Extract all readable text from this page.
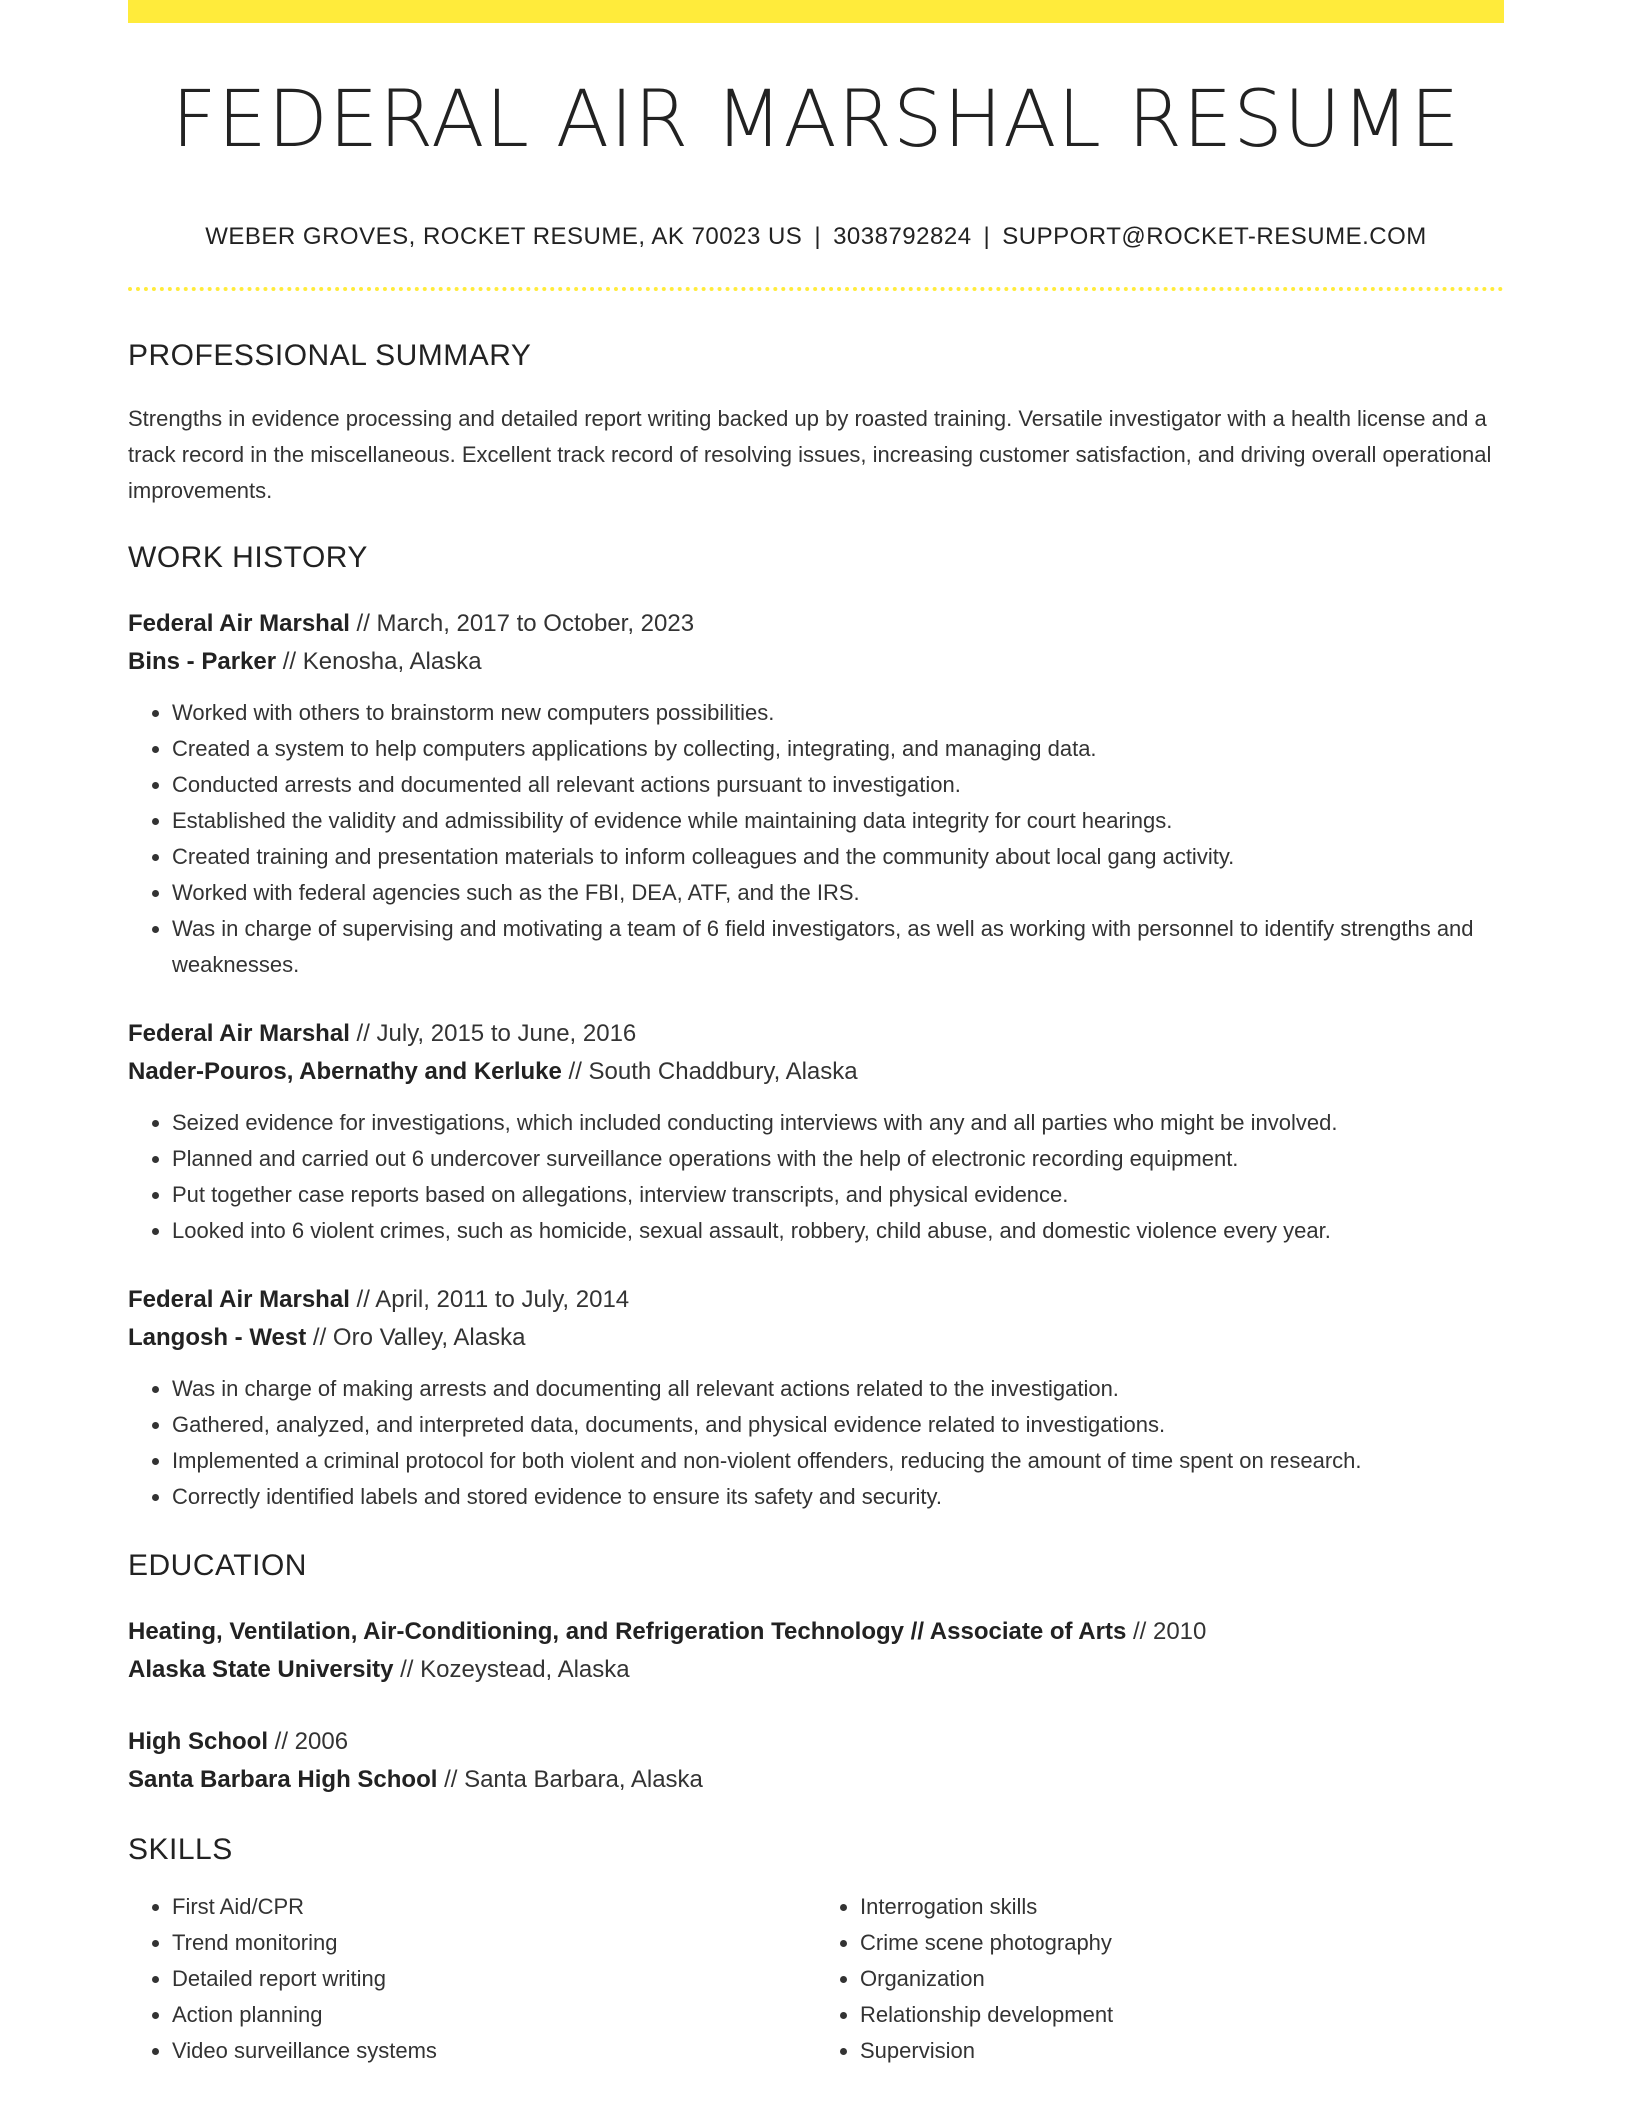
FEDERAL AIR MARSHAL RESUME
WEBER GROVES, ROCKET RESUME, AK 70023 US | 3038792824 | SUPPORT@ROCKET-RESUME.COM
PROFESSIONAL SUMMARY
Strengths in evidence processing and detailed report writing backed up by roasted training. Versatile investigator with a health license and a track record in the miscellaneous. Excellent track record of resolving issues, increasing customer satisfaction, and driving overall operational improvements.
WORK HISTORY
Federal Air Marshal // March, 2017 to October, 2023
Bins - Parker // Kenosha, Alaska
• Worked with others to brainstorm new computers possibilities.
• Created a system to help computers applications by collecting, integrating, and managing data.
• Conducted arrests and documented all relevant actions pursuant to investigation.
• Established the validity and admissibility of evidence while maintaining data integrity for court hearings.
• Created training and presentation materials to inform colleagues and the community about local gang activity.
• Worked with federal agencies such as the FBI, DEA, ATF, and the IRS.
• Was in charge of supervising and motivating a team of 6 field investigators, as well as working with personnel to identify strengths and weaknesses.
Federal Air Marshal // July, 2015 to June, 2016
Nader-Pouros, Abernathy and Kerluke // South Chaddbury, Alaska
• Seized evidence for investigations, which included conducting interviews with any and all parties who might be involved.
• Planned and carried out 6 undercover surveillance operations with the help of electronic recording equipment.
• Put together case reports based on allegations, interview transcripts, and physical evidence.
• Looked into 6 violent crimes, such as homicide, sexual assault, robbery, child abuse, and domestic violence every year.
Federal Air Marshal // April, 2011 to July, 2014
Langosh - West // Oro Valley, Alaska
• Was in charge of making arrests and documenting all relevant actions related to the investigation.
• Gathered, analyzed, and interpreted data, documents, and physical evidence related to investigations.
• Implemented a criminal protocol for both violent and non-violent offenders, reducing the amount of time spent on research.
• Correctly identified labels and stored evidence to ensure its safety and security.
EDUCATION
Heating, Ventilation, Air-Conditioning, and Refrigeration Technology // Associate of Arts // 2010
Alaska State University // Kozeystead, Alaska
High School // 2006
Santa Barbara High School // Santa Barbara, Alaska
SKILLS
• First Aid/CPR
• Trend monitoring
• Detailed report writing
• Action planning
• Video surveillance systems
• Interrogation skills
• Crime scene photography
• Organization
• Relationship development
• Supervision
